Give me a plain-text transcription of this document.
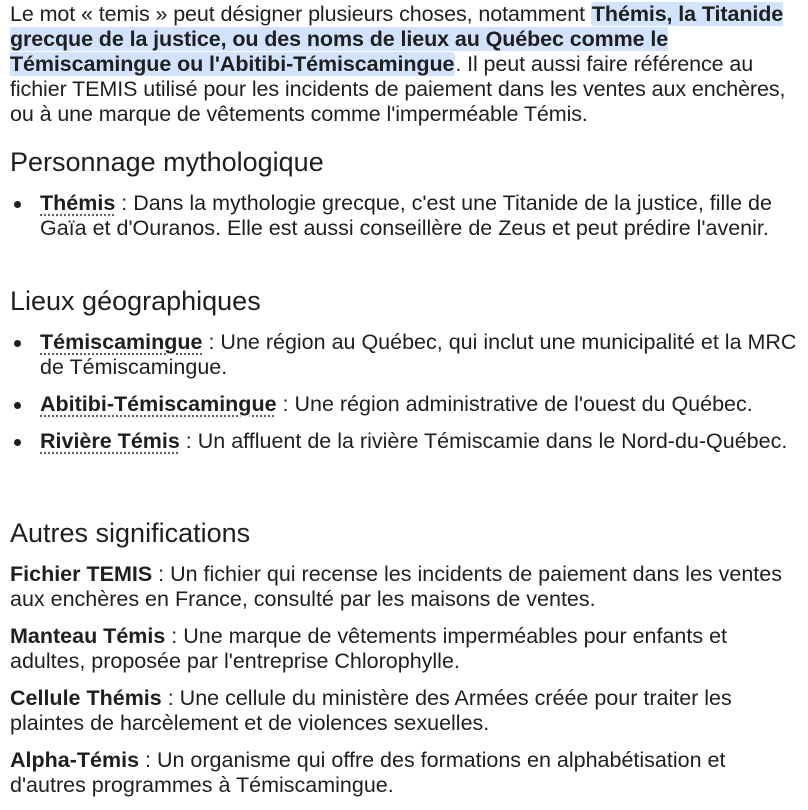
Le mot « temis » peut désigner plusieurs choses, notamment Thémis, la Titanide grecque de la justice, ou des noms de lieux au Québec comme le Témiscamingue ou l'Abitibi-Témiscamingue. Il peut aussi faire référence au fichier TEMIS utilisé pour les incidents de paiement dans les ventes aux enchères, ou à une marque de vêtements comme l'imperméable Témis.

Personnage mythologique
Thémis : Dans la mythologie grecque, c'est une Titanide de la justice, fille de Gaïa et d'Ouranos. Elle est aussi conseillère de Zeus et peut prédire l'avenir.
Lieux géographiques
Témiscamingue : Une région au Québec, qui inclut une municipalité et la MRC de Témiscamingue.
Abitibi-Témiscamingue : Une région administrative de l'ouest du Québec.
Rivière Témis : Un affluent de la rivière Témiscamie dans le Nord-du-Québec.
Autres significations

Fichier TEMIS : Un fichier qui recense les incidents de paiement dans les ventes aux enchères en France, consulté par les maisons de ventes.

Manteau Témis : Une marque de vêtements imperméables pour enfants et adultes, proposée par l'entreprise Chlorophylle.

Cellule Thémis : Une cellule du ministère des Armées créée pour traiter les plaintes de harcèlement et de violences sexuelles.

Alpha-Témis : Un organisme qui offre des formations en alphabétisation et d'autres programmes à Témiscamingue.
